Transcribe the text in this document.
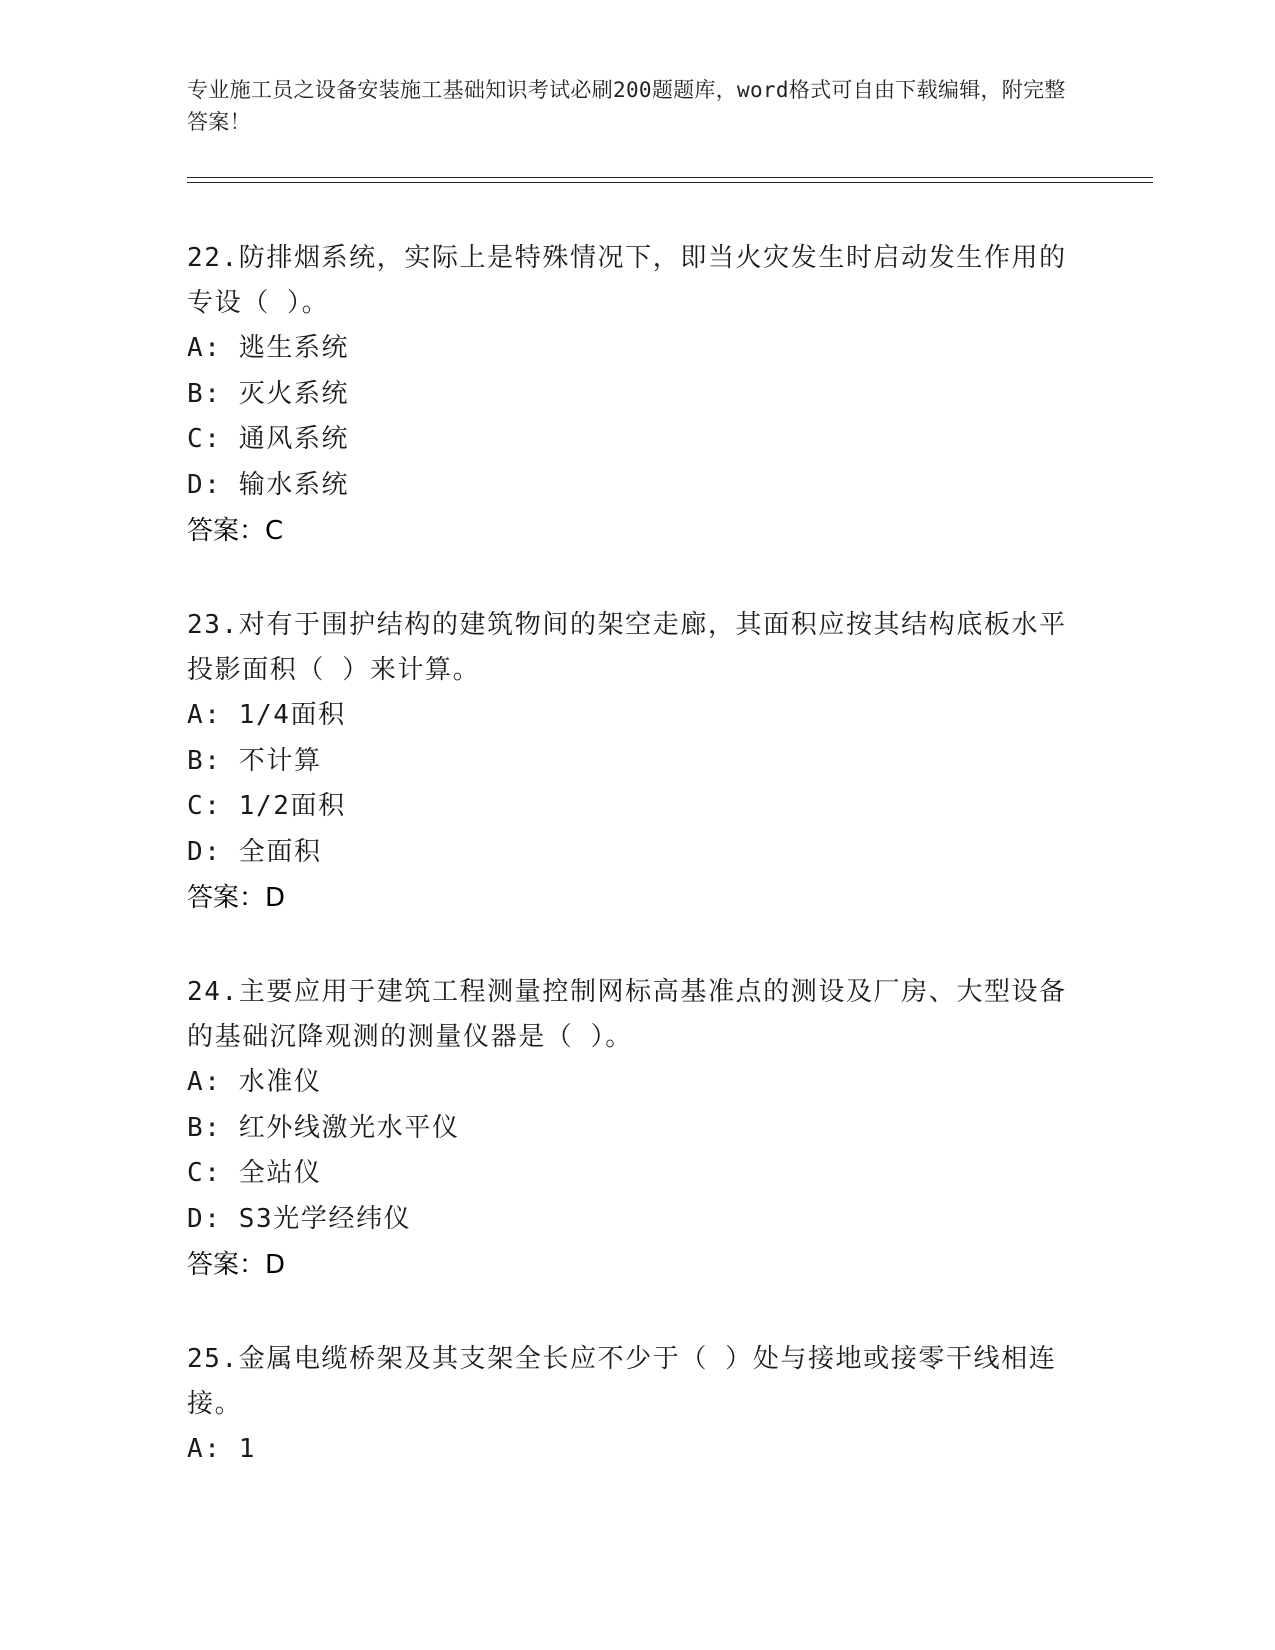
专业施工员之设备安装施工基础知识考试必刷200题题库，word格式可自由下载编辑，附完整答案！
22.防排烟系统，实际上是特殊情况下，即当火灾发生时启动发生作用的专设（ ）。
A: 逃生系统
B: 灭火系统
C: 通风系统
D: 输水系统
答案：C
23.对有于围护结构的建筑物间的架空走廊，其面积应按其结构底板水平投影面积（ ）来计算。
A: 1/4面积
B: 不计算
C: 1/2面积
D: 全面积
答案：D
24.主要应用于建筑工程测量控制网标高基准点的测设及厂房、大型设备的基础沉降观测的测量仪器是（ ）。
A: 水准仪
B: 红外线激光水平仪
C: 全站仪
D: S3光学经纬仪
答案：D
25.金属电缆桥架及其支架全长应不少于（ ）处与接地或接零干线相连接。
A: 1
